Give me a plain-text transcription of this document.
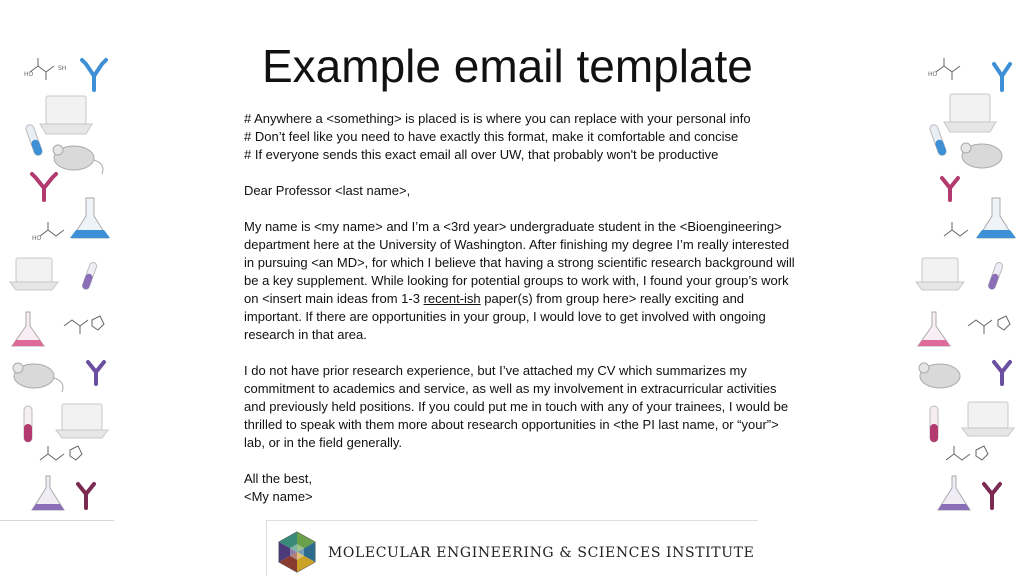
HO
SH
HO
HO
Example email template

# Anywhere a <something> is placed is is where you can replace with your personal info

# Don’t feel like you need to have exactly this format, make it comfortable and concise

# If everyone sends this exact email all over UW, that probably won't be productive

Dear Professor <last name>,

My name is <my name> and I’m a <3rd year> undergraduate student in the <Bioengineering>
department here at the University of Washington. After finishing my degree I’m really interested
in pursuing <an MD>, for which I believe that having a strong scientific research background will
be a key supplement. While looking for potential groups to work with, I found your group’s work
on <insert main ideas from 1-3 recent-ish paper(s) from group here> really exciting and
important. If there are opportunities in your group, I would love to get involved with ongoing
research in that area.

I do not have prior research experience, but I’ve attached my CV which summarizes my
commitment to academics and service, as well as my involvement in extracurricular activities
and previously held positions. If you could put me in touch with any of your trainees, I would be
thrilled to speak with them more about research opportunities in <the PI last name, or “your”>
lab, or in the field generally.

All the best,

<My name>

MOLECULAR ENGINEERING & SCIENCES INSTITUTE
